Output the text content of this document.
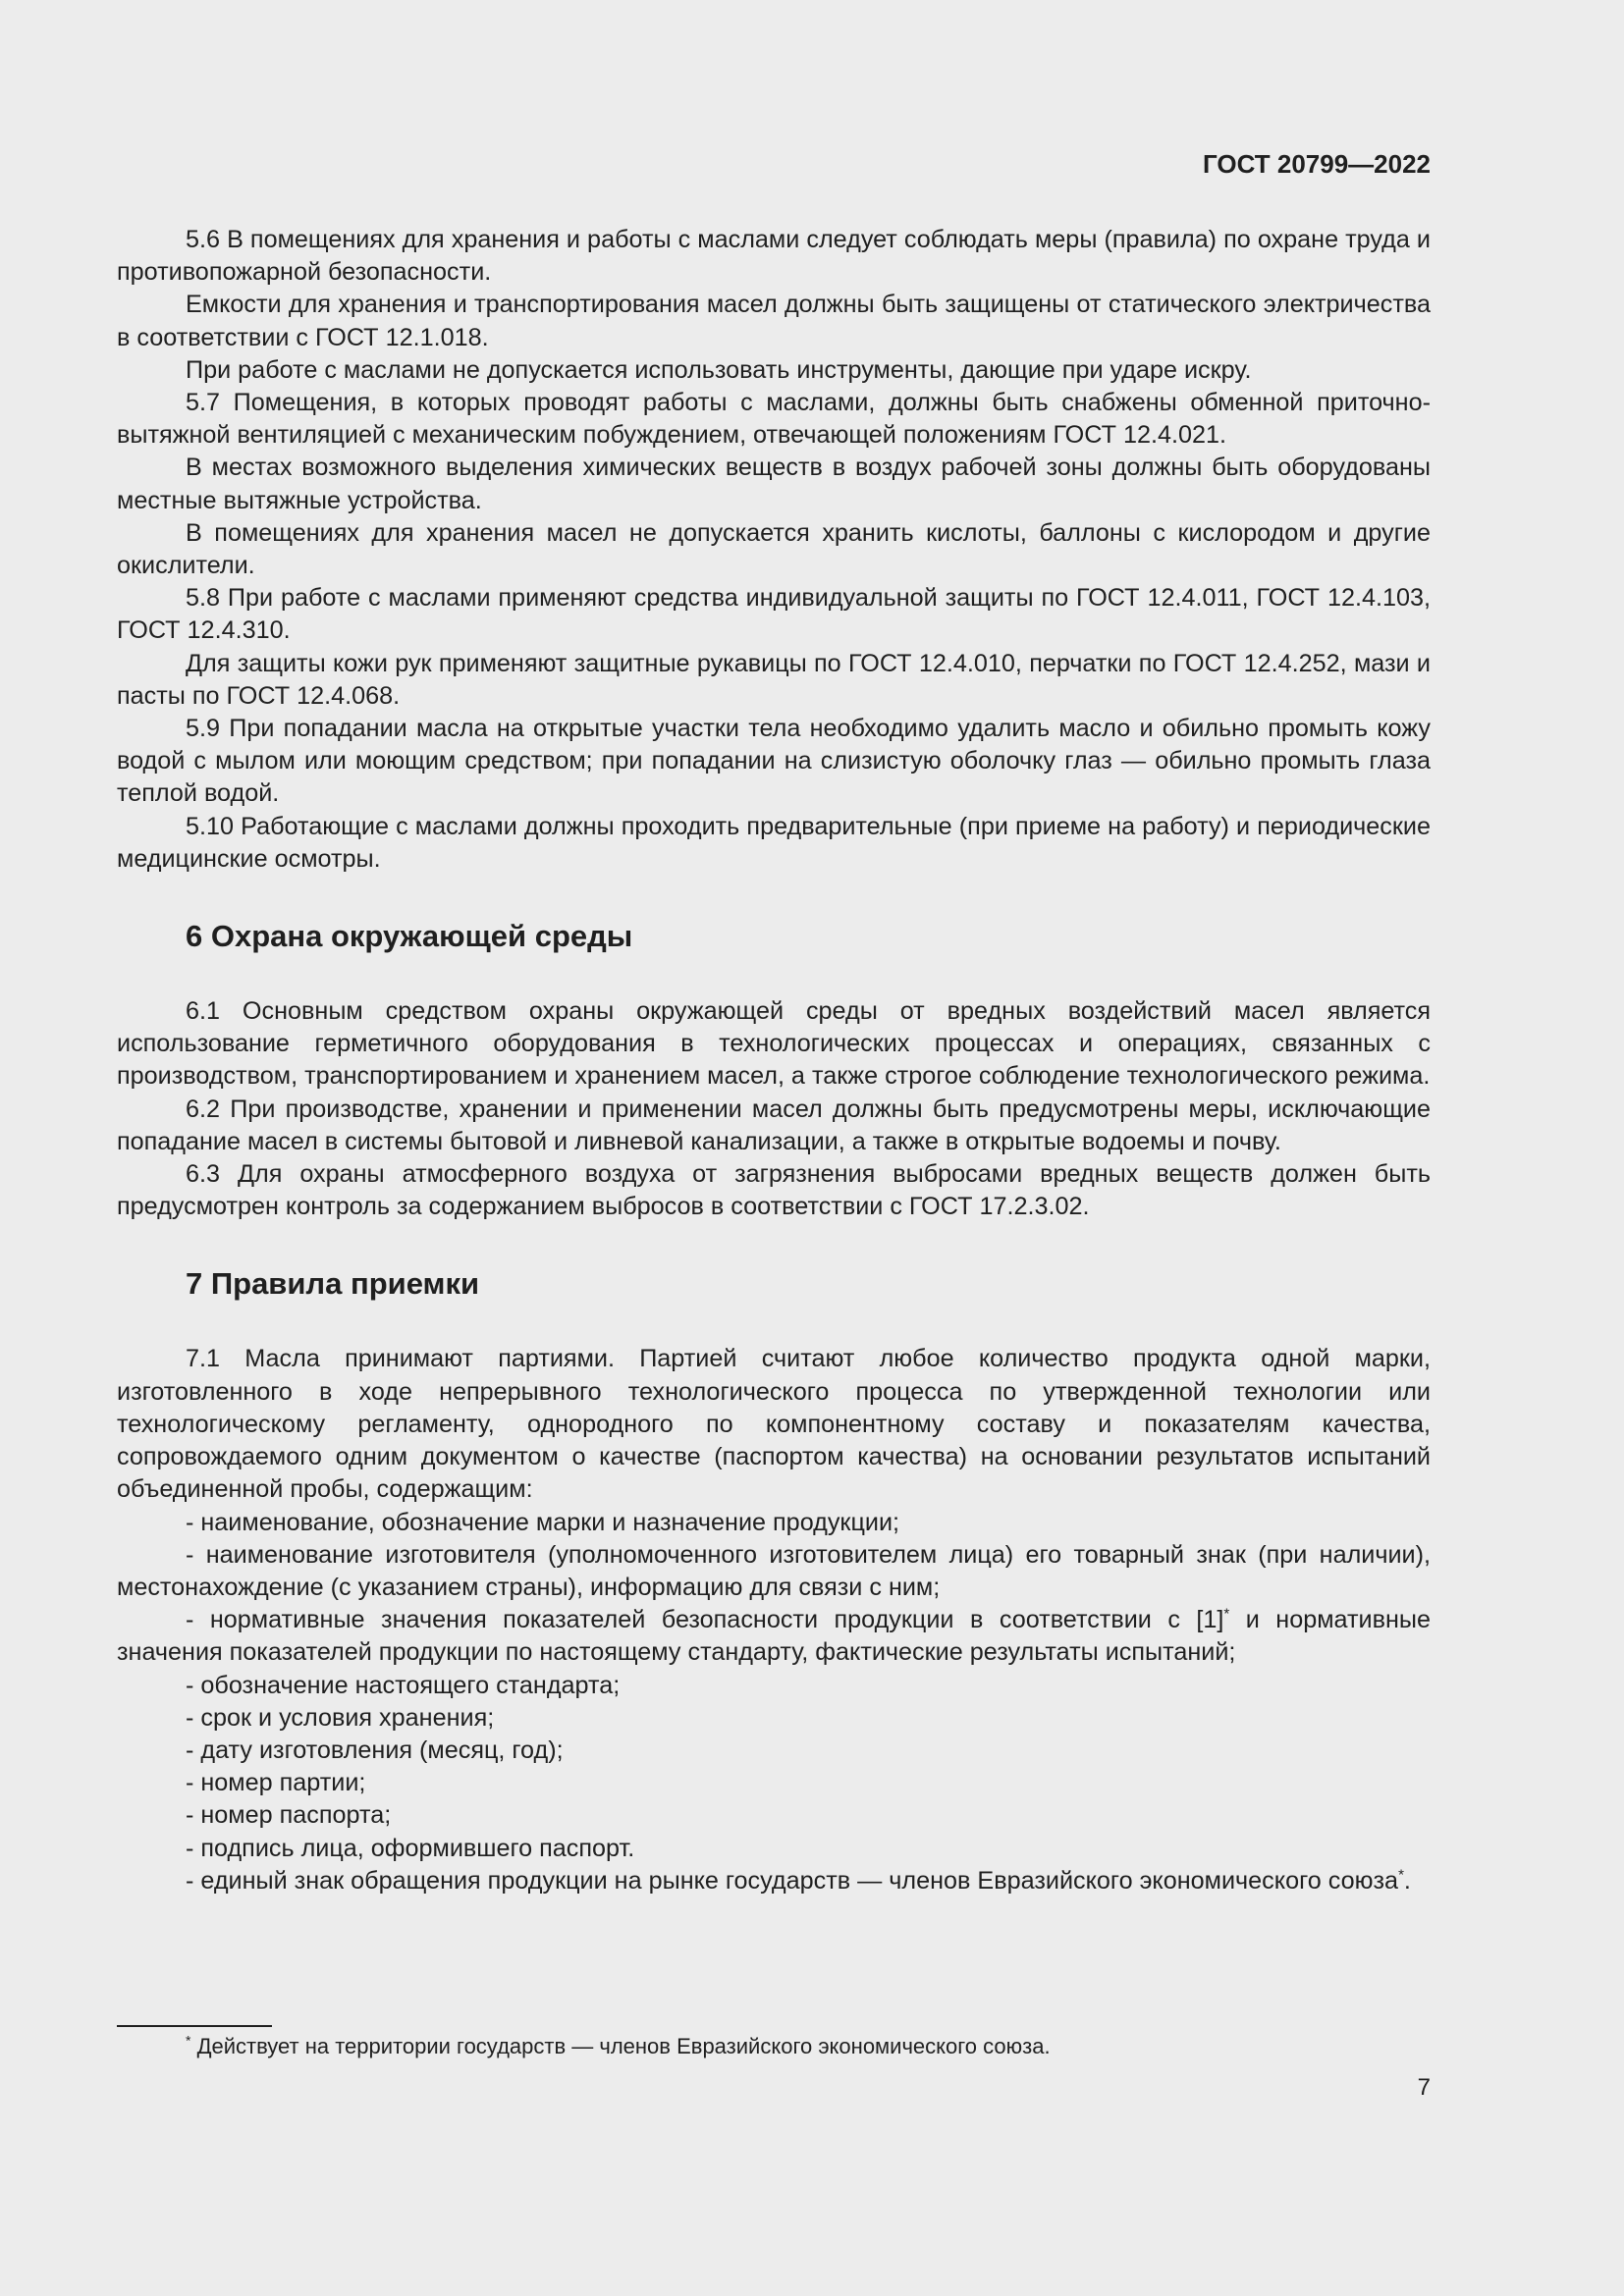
ГОСТ 20799—2022

5.6 В помещениях для хранения и работы с маслами следует соблюдать меры (правила) по охране труда и противопожарной безопасности.

Емкости для хранения и транспортирования масел должны быть защищены от статического электричества в соответствии с ГОСТ 12.1.018.

При работе с маслами не допускается использовать инструменты, дающие при ударе искру.

5.7 Помещения, в которых проводят работы с маслами, должны быть снабжены обменной приточно-вытяжной вентиляцией с механическим побуждением, отвечающей положениям ГОСТ 12.4.021.

В местах возможного выделения химических веществ в воздух рабочей зоны должны быть оборудованы местные вытяжные устройства.

В помещениях для хранения масел не допускается хранить кислоты, баллоны с кислородом и другие окислители.

5.8 При работе с маслами применяют средства индивидуальной защиты по ГОСТ 12.4.011, ГОСТ 12.4.103, ГОСТ 12.4.310.

Для защиты кожи рук применяют защитные рукавицы по ГОСТ 12.4.010, перчатки по ГОСТ 12.4.252, мази и пасты по ГОСТ 12.4.068.

5.9 При попадании масла на открытые участки тела необходимо удалить масло и обильно промыть кожу водой с мылом или моющим средством; при попадании на слизистую оболочку глаз — обильно промыть глаза теплой водой.

5.10 Работающие с маслами должны проходить предварительные (при приеме на работу) и периодические медицинские осмотры.

6 Охрана окружающей среды

6.1 Основным средством охраны окружающей среды от вредных воздействий масел является использование герметичного оборудования в технологических процессах и операциях, связанных с производством, транспортированием и хранением масел, а также строгое соблюдение технологического режима.

6.2 При производстве, хранении и применении масел должны быть предусмотрены меры, исключающие попадание масел в системы бытовой и ливневой канализации, а также в открытые водоемы и почву.

6.3 Для охраны атмосферного воздуха от загрязнения выбросами вредных веществ должен быть предусмотрен контроль за содержанием выбросов в соответствии с ГОСТ 17.2.3.02.

7 Правила приемки

7.1 Масла принимают партиями. Партией считают любое количество продукта одной марки, изготовленного в ходе непрерывного технологического процесса по утвержденной технологии или технологическому регламенту, однородного по компонентному составу и показателям качества, сопровождаемого одним документом о качестве (паспортом качества) на основании результатов испытаний объединенной пробы, содержащим:

- наименование, обозначение марки и назначение продукции;

- наименование изготовителя (уполномоченного изготовителем лица) его товарный знак (при наличии), местонахождение (с указанием страны), информацию для связи с ним;

- нормативные значения показателей безопасности продукции в соответствии с [1]* и нормативные значения показателей продукции по настоящему стандарту, фактические результаты испытаний;

- обозначение настоящего стандарта;

- срок и условия хранения;

- дату изготовления (месяц, год);

- номер партии;

- номер паспорта;

- подпись лица, оформившего паспорт.

- единый знак обращения продукции на рынке государств — членов Евразийского экономического союза*.

* Действует на территории государств — членов Евразийского экономического союза.
7
